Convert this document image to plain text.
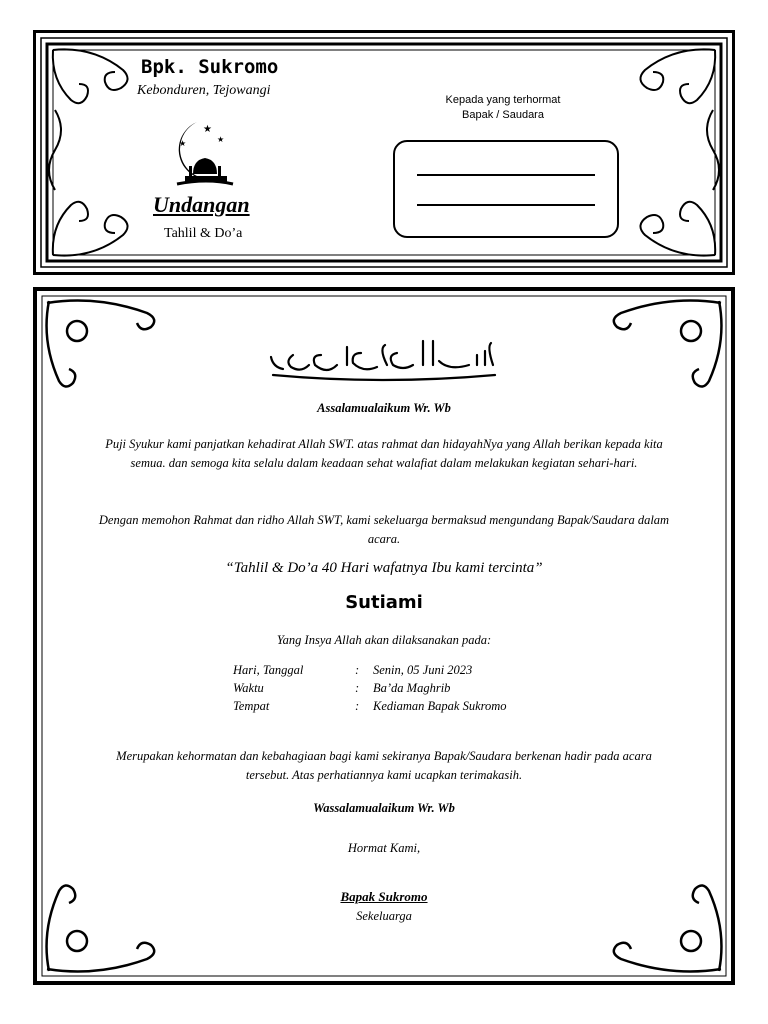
Bpk. Sukromo
Kebonduren, Tejowangi
★
★
★
Undangan
Tahlil & Do’a
Kepada yang terhormat
Bapak / Saudara
Assalamualaikum Wr. Wb
Puji Syukur kami panjatkan kehadirat Allah SWT. atas rahmat dan hidayahNya yang Allah berikan kepada kita semua. dan semoga kita selalu dalam keadaan sehat walafiat dalam melakukan kegiatan sehari-hari.
Dengan memohon Rahmat dan ridho Allah SWT, kami sekeluarga bermaksud mengundang Bapak/Saudara dalam acara.
“Tahlil & Do’a 40 Hari wafatnya Ibu kami tercinta”
Sutiami
Yang Insya Allah akan dilaksanakan pada:
Hari, Tanggal	:	Senin, 05 Juni 2023
Waktu	:	Ba’da Maghrib
Tempat	:	Kediaman Bapak Sukromo
Merupakan kehormatan dan kebahagiaan bagi kami sekiranya Bapak/Saudara berkenan hadir pada acara tersebut. Atas perhatiannya kami ucapkan terimakasih.
Wassalamualaikum Wr. Wb
Hormat Kami,
Bapak Sukromo
Sekeluarga
